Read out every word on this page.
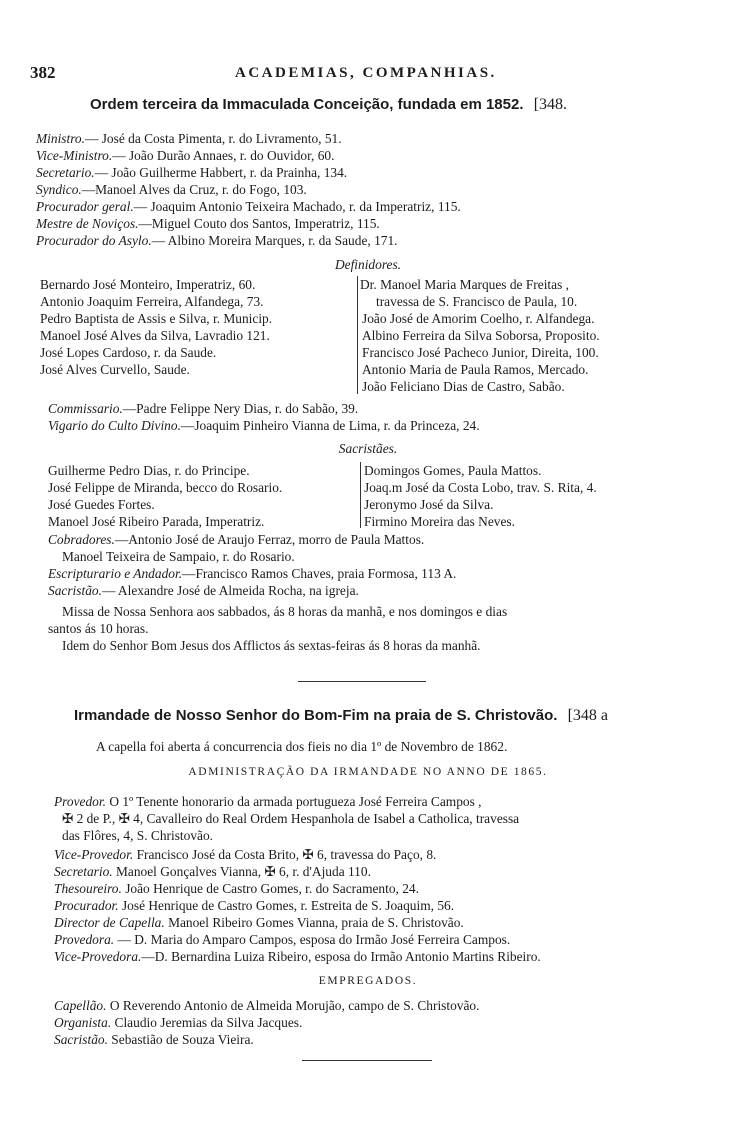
382	ACADEMIAS, COMPANHIAS.
Ordem terceira da Immaculada Conceição, fundada em 1852. [348.
Ministro.— José da Costa Pimenta, r. do Livramento, 51.
Vice-Ministro.— João Durão Annaes, r. do Ouvidor, 60.
Secretario.— João Guilherme Habbert, r. da Prainha, 134.
Syndico.—Manoel Alves da Cruz, r. do Fogo, 103.
Procurador geral.— Joaquim Antonio Teixeira Machado, r. da Imperatriz, 115.
Mestre de Noviços.—Miguel Couto dos Santos, Imperatriz, 115.
Procurador do Asylo.— Albino Moreira Marques, r. da Saude, 171.
Definidores.
Bernardo José Monteiro, Imperatriz, 60.
Antonio Joaquim Ferreira, Alfandega, 73.
Pedro Baptista de Assis e Silva, r. Municip.
Manoel José Alves da Silva, Lavradio 121.
José Lopes Cardoso, r. da Saude.
José Alves Curvello, Saude.
Dr. Manoel Maria Marques de Freitas ,
travessa de S. Francisco de Paula, 10.
João José de Amorim Coelho, r. Alfandega.
Albino Ferreira da Silva Soborsa, Proposito.
Francisco José Pacheco Junior, Direita, 100.
Antonio Maria de Paula Ramos, Mercado.
João Feliciano Dias de Castro, Sabão.
Commissario.—Padre Felippe Nery Dias, r. do Sabão, 39.
Vigario do Culto Divino.—Joaquim Pinheiro Vianna de Lima, r. da Princeza, 24.
Sacristães.
Guilherme Pedro Dias, r. do Principe.
José Felippe de Miranda, becco do Rosario.
José Guedes Fortes.
Manoel José Ribeiro Parada, Imperatriz.
Domingos Gomes, Paula Mattos.
Joaq.m José da Costa Lobo, trav. S. Rita, 4.
Jeronymo José da Silva.
Firmino Moreira das Neves.
Cobradores.—Antonio José de Araujo Ferraz, morro de Paula Mattos.
Manoel Teixeira de Sampaio, r. do Rosario.
Escripturario e Andador.—Francisco Ramos Chaves, praia Formosa, 113 A.
Sacristão.— Alexandre José de Almeida Rocha, na igreja.
Missa de Nossa Senhora aos sabbados, ás 8 horas da manhã, e nos domingos e dias
santos ás 10 horas.
Idem do Senhor Bom Jesus dos Afflictos ás sextas-feiras ás 8 horas da manhã.
Irmandade de Nosso Senhor do Bom-Fim na praia de S. Christovão. [348 a
A capella foi aberta á concurrencia dos fieis no dia 1º de Novembro de 1862.
ADMINISTRAÇÃO DA IRMANDADE NO ANNO DE 1865.
Provedor. O 1º Tenente honorario da armada portugueza José Ferreira Campos ,
✠ 2 de P., ✠ 4, Cavalleiro do Real Ordem Hespanhola de Isabel a Catholica, travessa
das Flôres, 4, S. Christovão.
Vice-Provedor. Francisco José da Costa Brito, ✠ 6, travessa do Paço, 8.
Secretario. Manoel Gonçalves Vianna, ✠ 6, r. d'Ajuda 110.
Thesoureiro. João Henrique de Castro Gomes, r. do Sacramento, 24.
Procurador. José Henrique de Castro Gomes, r. Estreita de S. Joaquim, 56.
Director de Capella. Manoel Ribeiro Gomes Vianna, praia de S. Christovão.
Provedora. — D. Maria do Amparo Campos, esposa do Irmão José Ferreira Campos.
Vice-Provedora.—D. Bernardina Luiza Ribeiro, esposa do Irmão Antonio Martins Ribeiro.
EMPREGADOS.
Capellão. O Reverendo Antonio de Almeida Morujão, campo de S. Christovão.
Organista. Claudio Jeremias da Silva Jacques.
Sacristão. Sebastião de Souza Vieira.
